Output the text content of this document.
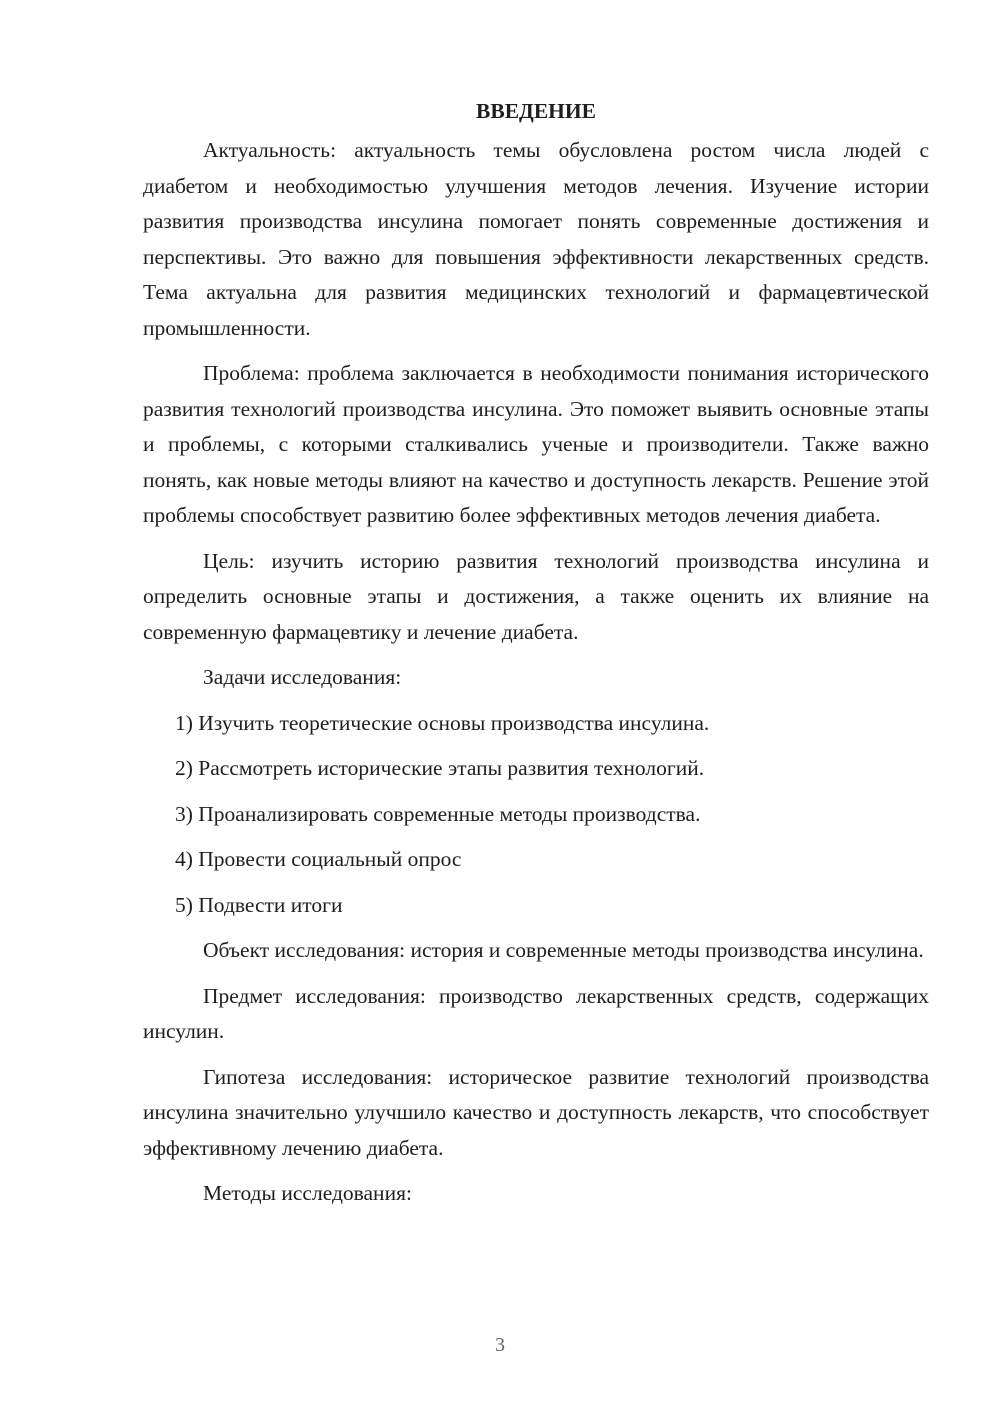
ВВЕДЕНИЕ

Актуальность: актуальность темы обусловлена ростом числа людей с диабетом и необходимостью улучшения методов лечения. Изучение истории развития производства инсулина помогает понять современные достижения и перспективы. Это важно для повышения эффективности лекарственных средств. Тема актуальна для развития медицинских технологий и фармацевтической промышленности.

Проблема: проблема заключается в необходимости понимания исторического развития технологий производства инсулина. Это поможет выявить основные этапы и проблемы, с которыми сталкивались ученые и производители. Также важно понять, как новые методы влияют на качество и доступность лекарств. Решение этой проблемы способствует развитию более эффективных методов лечения диабета.

Цель: изучить историю развития технологий производства инсулина и определить основные этапы и достижения, а также оценить их влияние на современную фармацевтику и лечение диабета.

Задачи исследования:

1) Изучить теоретические основы производства инсулина.
2) Рассмотреть исторические этапы развития технологий.
3) Проанализировать современные методы производства.
4) Провести социальный опрос
5) Подвести итоги

Объект исследования: история и современные методы производства инсулина.

Предмет исследования: производство лекарственных средств, содержащих инсулин.

Гипотеза исследования: историческое развитие технологий производства инсулина значительно улучшило качество и доступность лекарств, что способствует эффективному лечению диабета.

Методы исследования:

3
